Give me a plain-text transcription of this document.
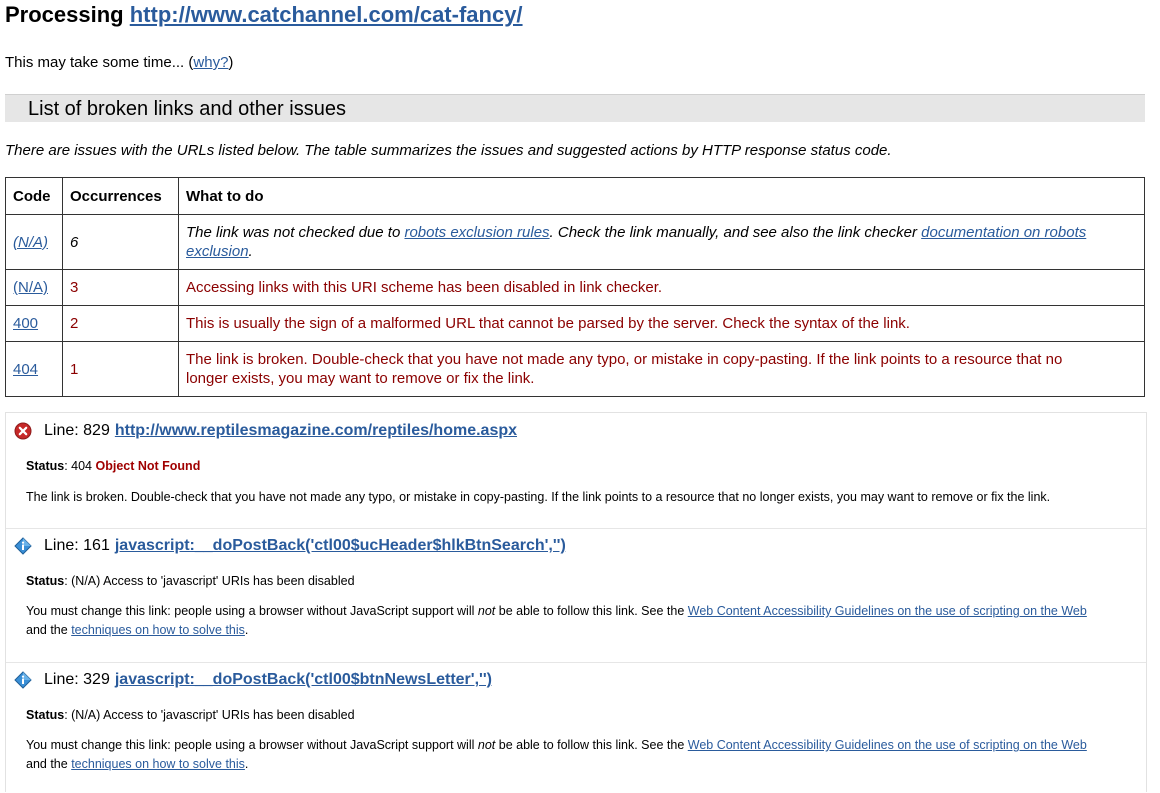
Processing http://www.catchannel.com/cat-fancy/
This may take some time... (why?)
List of broken links and other issues
There are issues with the URLs listed below. The table summarizes the issues and suggested actions by HTTP response status code.
Code	Occurrences	What to do
(N/A)	6	The link was not checked due to robots exclusion rules. Check the link manually, and see also the link checker documentation on robots exclusion.
(N/A)	3	Accessing links with this URI scheme has been disabled in link checker.
400	2	This is usually the sign of a malformed URL that cannot be parsed by the server. Check the syntax of the link.
404	1	The link is broken. Double-check that you have not made any typo, or mistake in copy-pasting. If the link points to a resource that no
longer exists, you may want to remove or fix the link.
Line: 829 http://www.reptilesmagazine.com/reptiles/home.aspx
Status: 404 Object Not Found
The link is broken. Double-check that you have not made any typo, or mistake in copy-pasting. If the link points to a resource that no longer exists, you may want to remove or fix the link.
Line: 161 javascript:__doPostBack('ctl00$ucHeader$hlkBtnSearch','')
Status: (N/A) Access to 'javascript' URIs has been disabled
You must change this link: people using a browser without JavaScript support will not be able to follow this link. See the Web Content Accessibility Guidelines on the use of scripting on the Web
and the techniques on how to solve this.
Line: 329 javascript:__doPostBack('ctl00$btnNewsLetter','')
Status: (N/A) Access to 'javascript' URIs has been disabled
You must change this link: people using a browser without JavaScript support will not be able to follow this link. See the Web Content Accessibility Guidelines on the use of scripting on the Web
and the techniques on how to solve this.
